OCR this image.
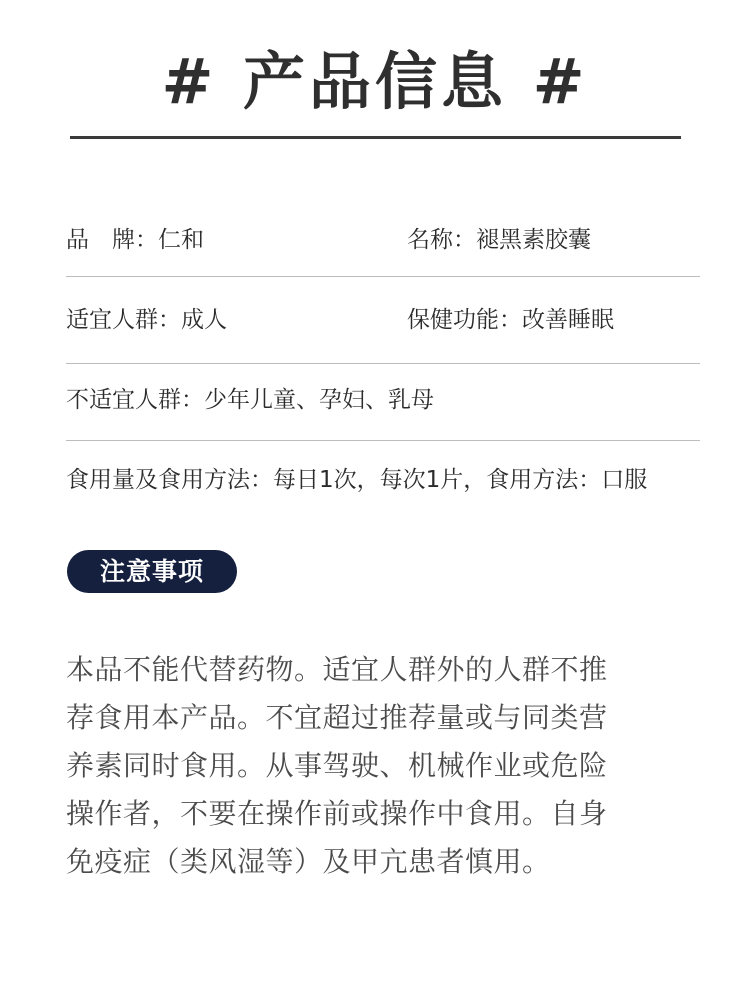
# 产品信息 #
品　牌：仁和	名称：褪黑素胶囊
适宜人群：成人	保健功能：改善睡眠
不适宜人群：少年儿童、孕妇、乳母
食用量及食用方法：每日1次，每次1片，食用方法：口服
注意事项
本品不能代替药物。适宜人群外的人群不推
荐食用本产品。不宜超过推荐量或与同类营
养素同时食用。从事驾驶、机械作业或危险
操作者，不要在操作前或操作中食用。自身
免疫症（类风湿等）及甲亢患者慎用。
